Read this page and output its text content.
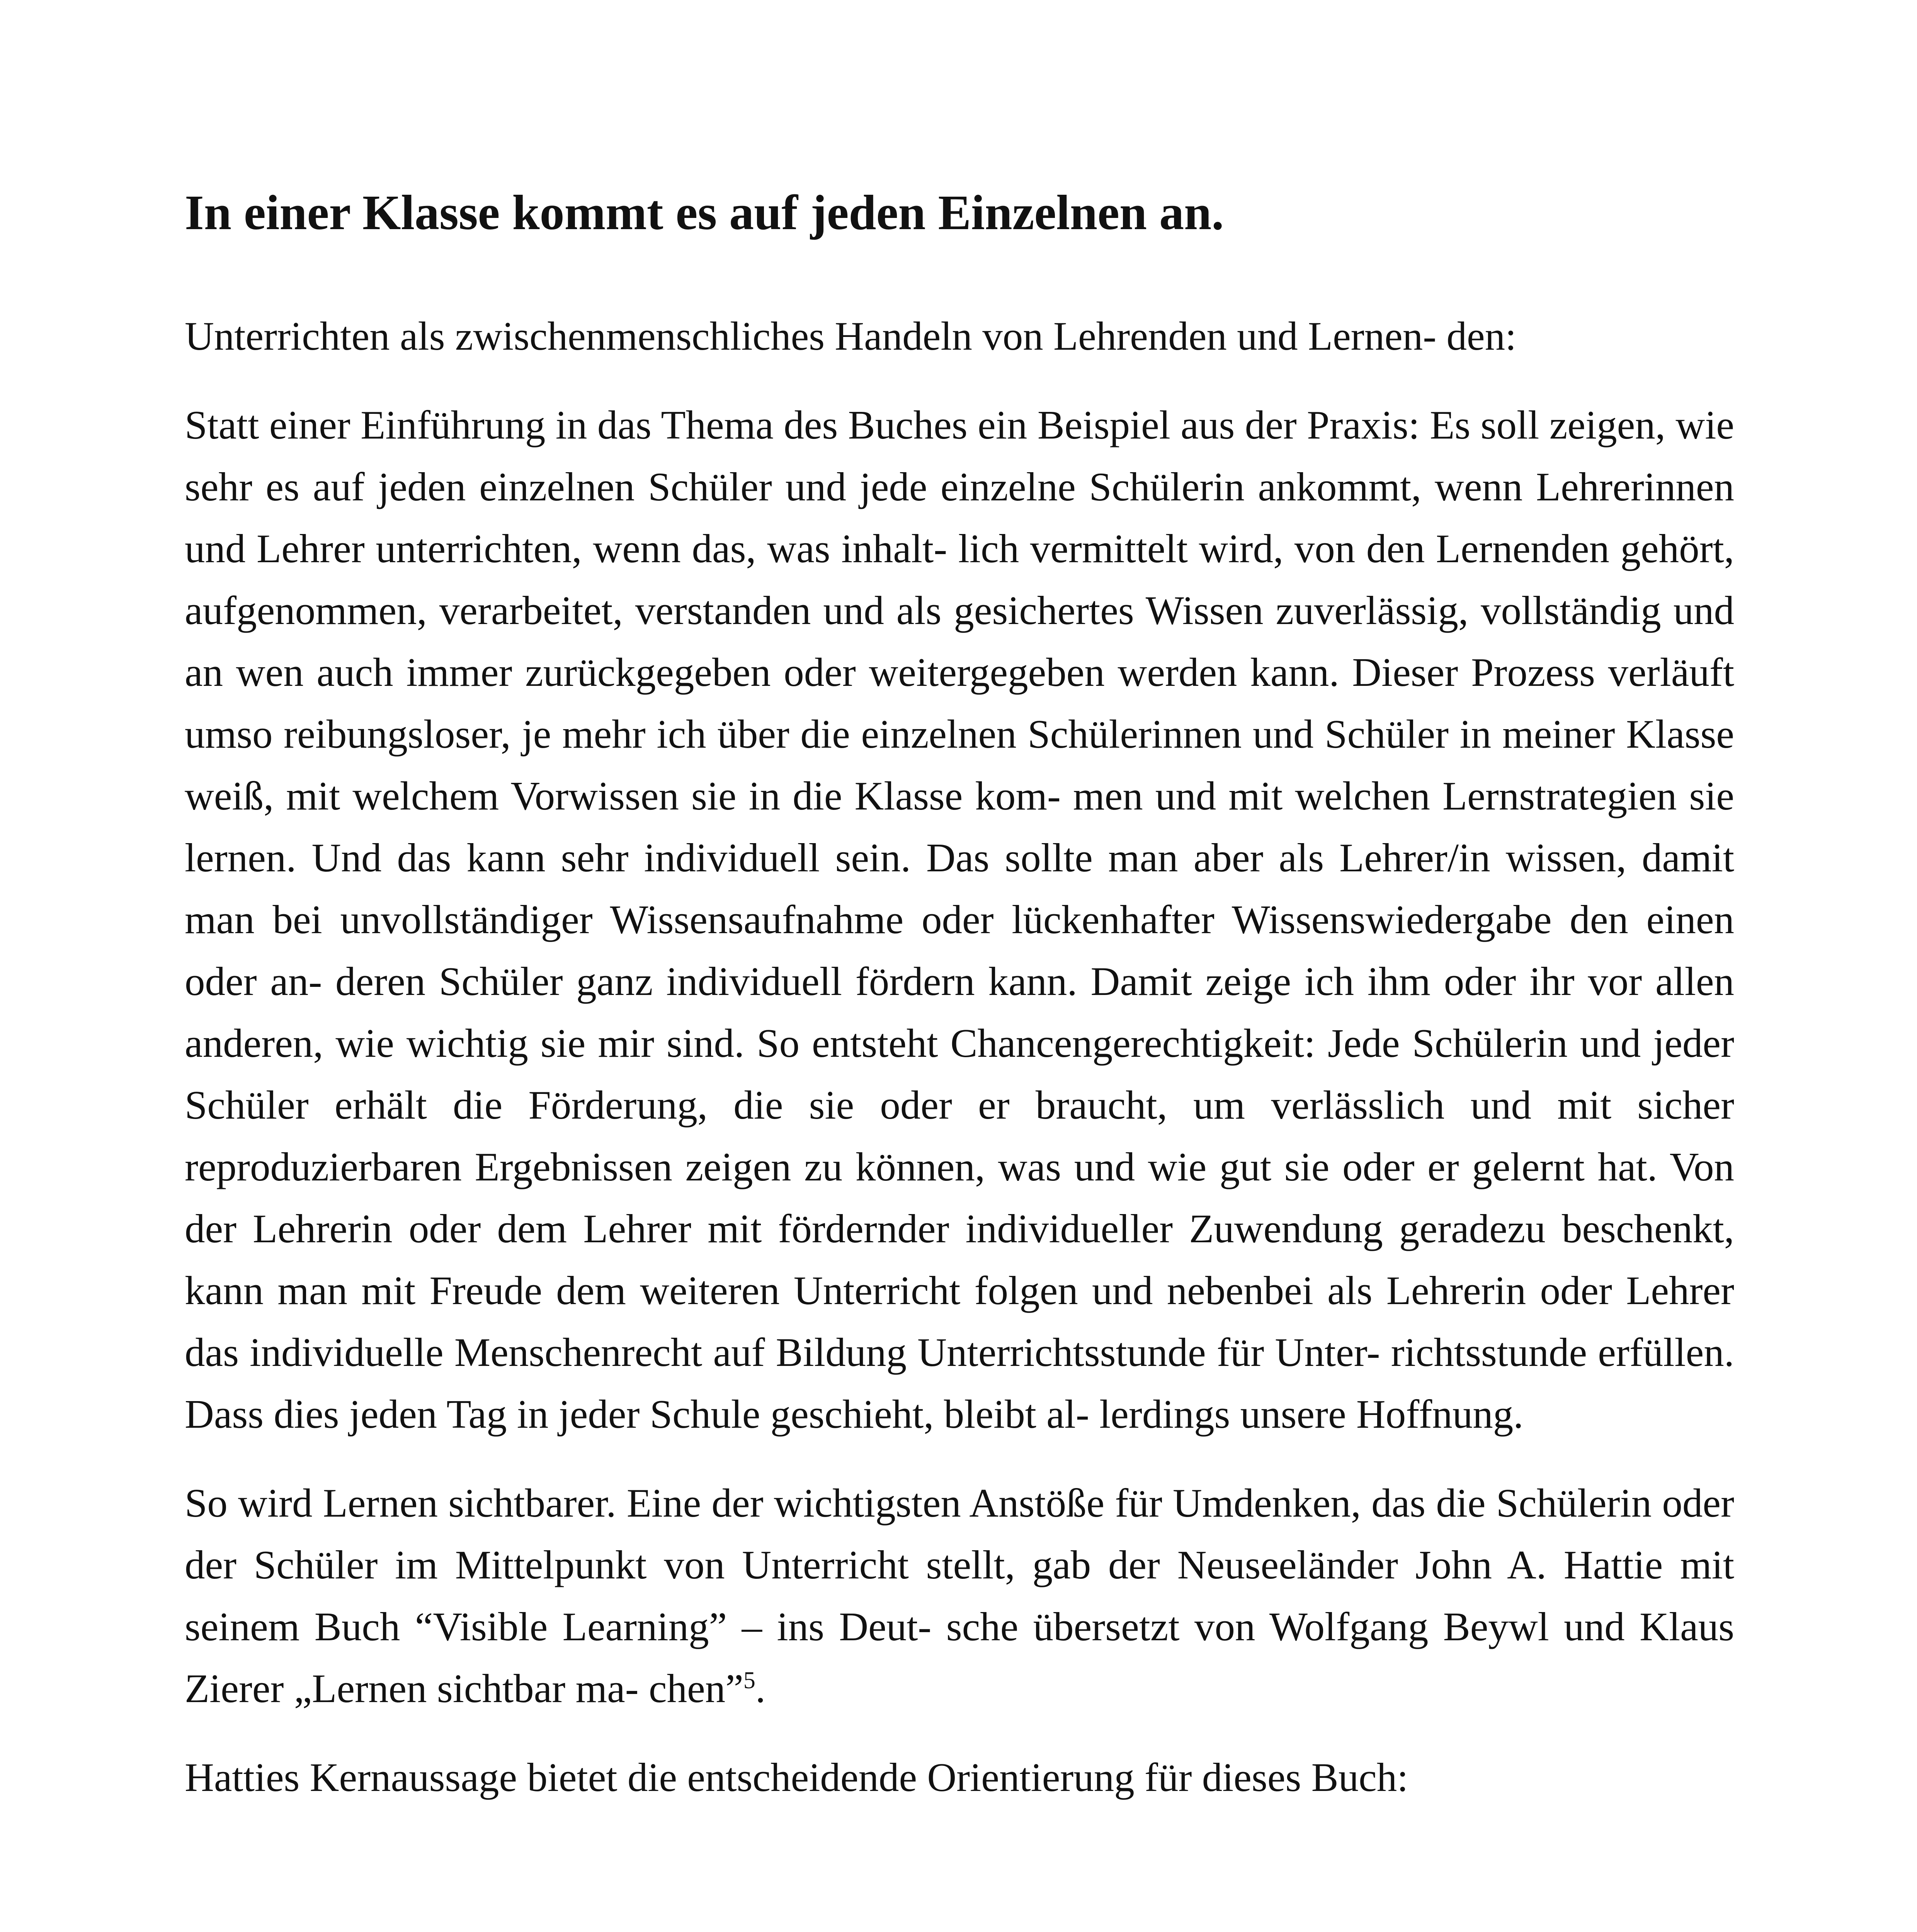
In einer Klasse kommt es auf jeden Einzelnen an.

Unterrichten als zwischenmenschliches Handeln von Lehrenden und Lernen- den:

Statt einer Einführung in das Thema des Buches ein Beispiel aus der Praxis: Es soll zeigen, wie sehr es auf jeden einzelnen Schüler und jede einzelne Schülerin ankommt, wenn Lehrerinnen und Lehrer unterrichten, wenn das, was inhalt- lich vermittelt wird, von den Lernenden gehört, aufgenommen, verarbeitet, verstanden und als gesichertes Wissen zuverlässig, vollständig und an wen auch immer zurückgegeben oder weitergegeben werden kann. Dieser Prozess verläuft umso reibungsloser, je mehr ich über die einzelnen Schülerinnen und Schüler in meiner Klasse weiß, mit welchem Vorwissen sie in die Klasse kom- men und mit welchen Lernstrategien sie lernen. Und das kann sehr individuell sein. Das sollte man aber als Lehrer/in wissen, damit man bei unvollständiger Wissensaufnahme oder lückenhafter Wissenswiedergabe den einen oder an- deren Schüler ganz individuell fördern kann. Damit zeige ich ihm oder ihr vor allen anderen, wie wichtig sie mir sind. So entsteht Chancengerechtigkeit: Jede Schülerin und jeder Schüler erhält die Förderung, die sie oder er braucht, um verlässlich und mit sicher reproduzierbaren Ergebnissen zeigen zu können, was und wie gut sie oder er gelernt hat. Von der Lehrerin oder dem Lehrer mit fördernder individueller Zuwendung geradezu beschenkt, kann man mit Freude dem weiteren Unterricht folgen und nebenbei als Lehrerin oder Lehrer das individuelle Menschenrecht auf Bildung Unterrichtsstunde für Unter- richtsstunde erfüllen. Dass dies jeden Tag in jeder Schule geschieht, bleibt al- lerdings unsere Hoffnung.

So wird Lernen sichtbarer. Eine der wichtigsten Anstöße für Umdenken, das die Schülerin oder der Schüler im Mittelpunkt von Unterricht stellt, gab der Neuseeländer John A. Hattie mit seinem Buch “Visible Learning” – ins Deut- sche übersetzt von Wolfgang Beywl und Klaus Zierer „Lernen sichtbar ma- chen”$^5$.

Hatties Kernaussage bietet die entscheidende Orientierung für dieses Buch:
